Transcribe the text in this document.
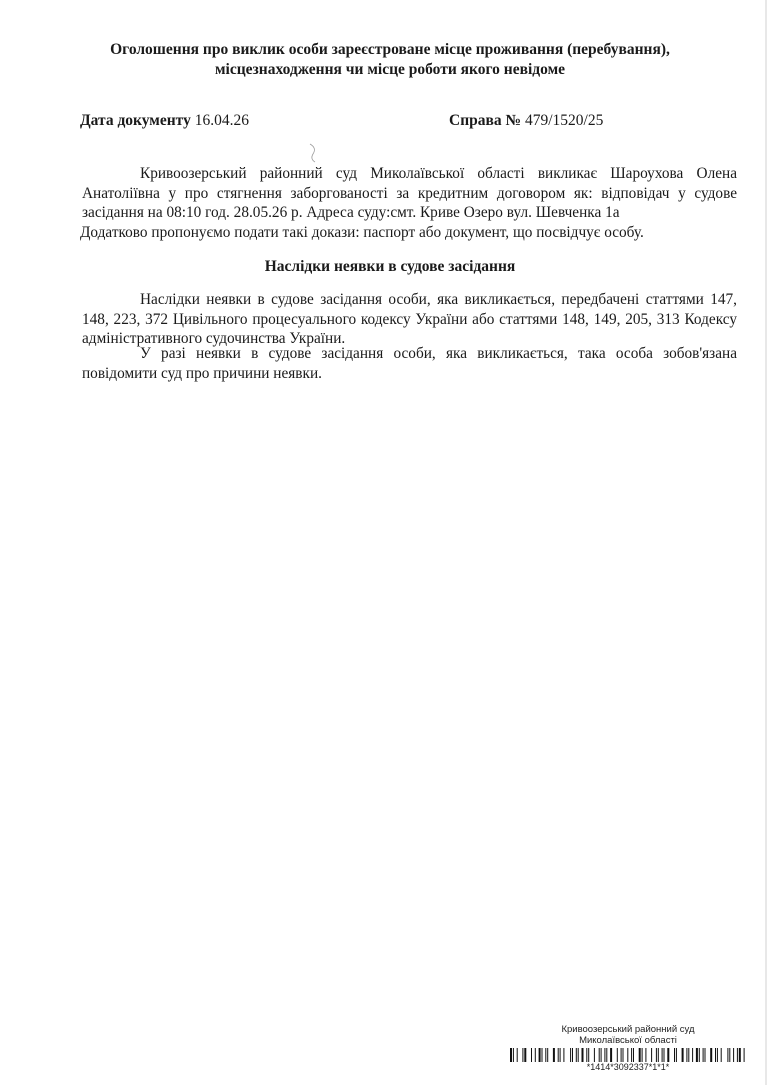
Оголошення про виклик особи зареєстроване місце проживання (перебування),
місцезнаходження чи місце роботи якого невідоме
Дата документу 16.04.26	Справа № 479/1520/25
Кривоозерський районний суд Миколаївської області викликає Шароухова Олена
Анатоліївна у про стягнення заборгованості за кредитним договором як: відповідач у судове
засідання на 08:10 год. 28.05.26 р. Адреса суду:смт. Криве Озеро вул. Шевченка 1а
Додатково пропонуємо подати такі докази: паспорт або документ, що посвідчує особу.
Наслідки неявки в судове засідання

Наслідки неявки в судове засідання особи, яка викликається, передбачені статтями 147, 148, 223, 372 Цивільного процесуального кодексу України або статтями 148, 149, 205, 313 Кодексу адміністративного судочинства України.

У разі неявки в судове засідання особи, яка викликається, така особа зобов'язана повідомити суд про причини неявки.

Кривоозерський районний суд
Миколаївської області
*1414*3092337*1*1*
